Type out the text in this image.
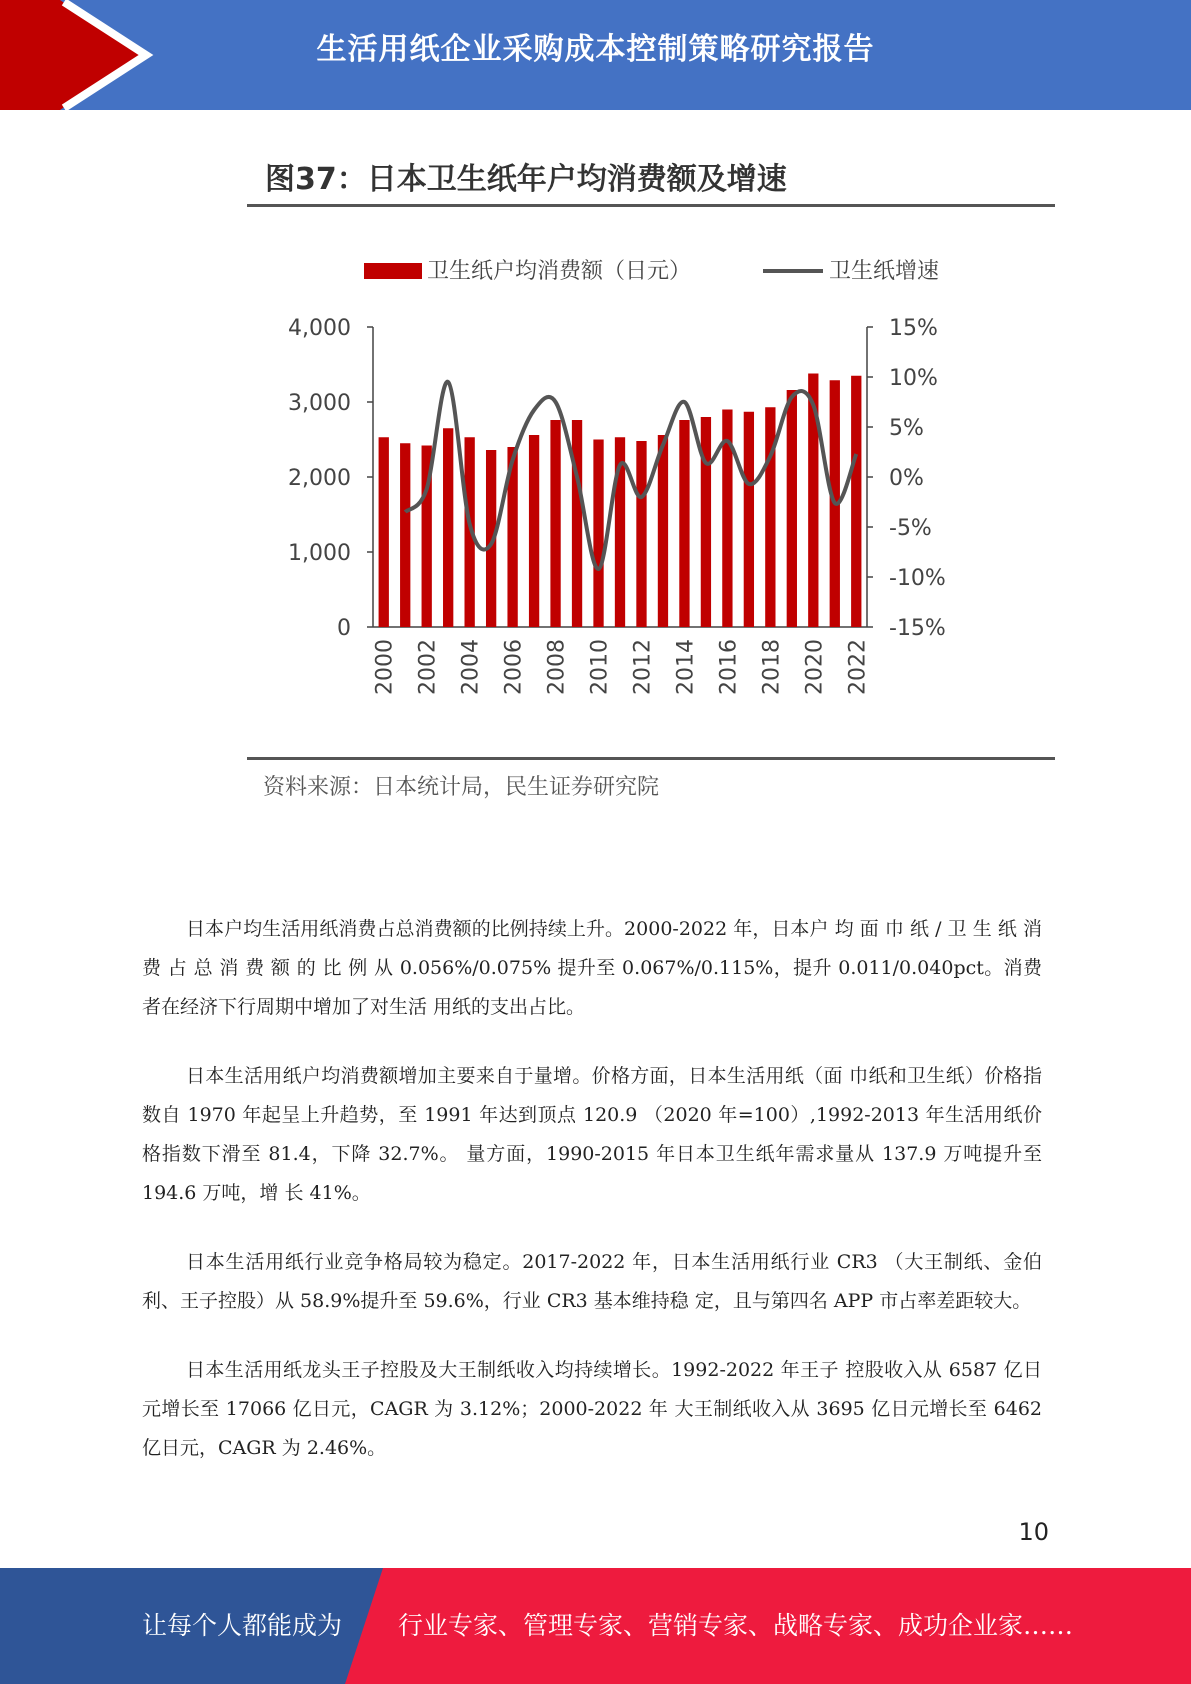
生活用纸企业采购成本控制策略研究报告
图37：日本卫生纸年户均消费额及增速
卫生纸户均消费额（日元）	卫生纸增速
0
1,000
2,000
3,000
4,000
-15%
-10%
-5%
0%
5%
10%
15%
2000 2002 2004 2006 2008 2010 2012 2014 2016 2018 2020 2022
资料来源：日本统计局，民生证券研究院

日本户均生活用纸消费占总消费额的比例持续上升。2000-2022 年，日本户 均 面 巾 纸 / 卫 生 纸 消 费 占 总 消 费 额 的 比 例 从 0.056%/0.075% 提升至 0.067%/0.115%，提升 0.011/0.040pct。消费者在经济下行周期中增加了对生活 用纸的支出占比。

日本生活用纸户均消费额增加主要来自于量增。价格方面，日本生活用纸（面 巾纸和卫生纸）价格指数自 1970 年起呈上升趋势，至 1991 年达到顶点 120.9 （2020 年=100）,1992-2013 年生活用纸价格指数下滑至 81.4，下降 32.7%。 量方面，1990-2015 年日本卫生纸年需求量从 137.9 万吨提升至 194.6 万吨，增 长 41%。

日本生活用纸行业竞争格局较为稳定。2017-2022 年，日本生活用纸行业 CR3 （大王制纸、金伯利、王子控股）从 58.9%提升至 59.6%，行业 CR3 基本维持稳 定，且与第四名 APP 市占率差距较大。

日本生活用纸龙头王子控股及大王制纸收入均持续增长。1992-2022 年王子 控股收入从 6587 亿日元增长至 17066 亿日元，CAGR 为 3.12%；2000-2022 年 大王制纸收入从 3695 亿日元增长至 6462 亿日元，CAGR 为 2.46%。

10
让每个人都能成为 行业专家、管理专家、营销专家、战略专家、成功企业家……
